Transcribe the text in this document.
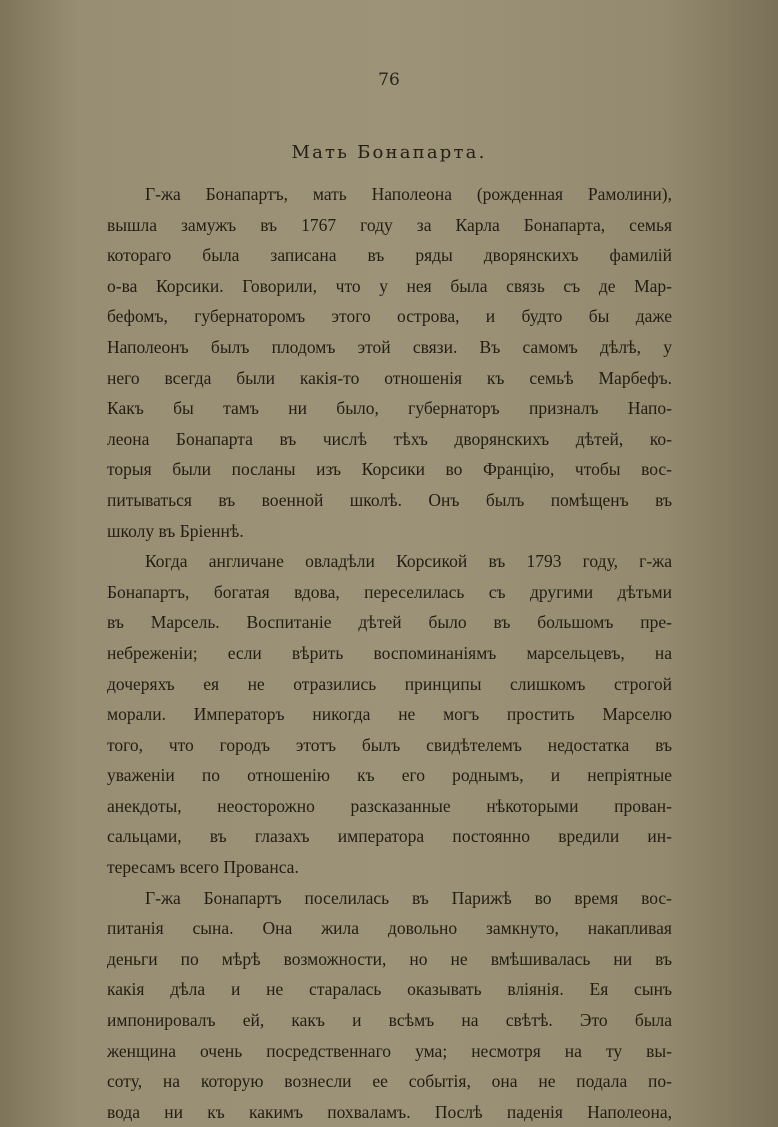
76
Мать Бонапарта.
Г-жа Бонапартъ, мать Наполеона (рожденная Рамолини),
вышла замужъ въ 1767 году за Карла Бонапарта, семья
котораго была записана въ ряды дворянскихъ фамилій
о-ва Корсики. Говорили, что у нея была связь съ де Мар-
бефомъ, губернаторомъ этого острова, и будто бы даже
Наполеонъ былъ плодомъ этой связи. Въ самомъ дѣлѣ, у
него всегда были какія-то отношенія къ семьѣ Марбефъ.
Какъ бы тамъ ни было, губернаторъ призналъ Напо-
леона Бонапарта въ числѣ тѣхъ дворянскихъ дѣтей, ко-
торыя были посланы изъ Корсики во Францію, чтобы вос-
питываться въ военной школѣ. Онъ былъ помѣщенъ въ
школу въ Бріеннѣ.
Когда англичане овладѣли Корсикой въ 1793 году, г-жа
Бонапартъ, богатая вдова, переселилась съ другими дѣтьми
въ Марсель. Воспитаніе дѣтей было въ большомъ пре-
небреженіи; если вѣрить воспоминаніямъ марсельцевъ, на
дочеряхъ ея не отразились принципы слишкомъ строгой
морали. Императоръ никогда не могъ простить Марселю
того, что городъ этотъ былъ свидѣтелемъ недостатка въ
уваженіи по отношенію къ его роднымъ, и непріятные
анекдоты, неосторожно разсказанные нѣкоторыми прован-
сальцами, въ глазахъ императора постоянно вредили ин-
тересамъ всего Прованса.
Г-жа Бонапартъ поселилась въ Парижѣ во время вос-
питанія сына. Она жила довольно замкнуто, накапливая
деньги по мѣрѣ возможности, но не вмѣшивалась ни въ
какія дѣла и не старалась оказывать вліянія. Ея сынъ
импонировалъ ей, какъ и всѣмъ на свѣтѣ. Это была
женщина очень посредственнаго ума; несмотря на ту вы-
соту, на которую вознесли ее событія, она не подала по-
вода ни къ какимъ похваламъ. Послѣ паденія Наполеона,
